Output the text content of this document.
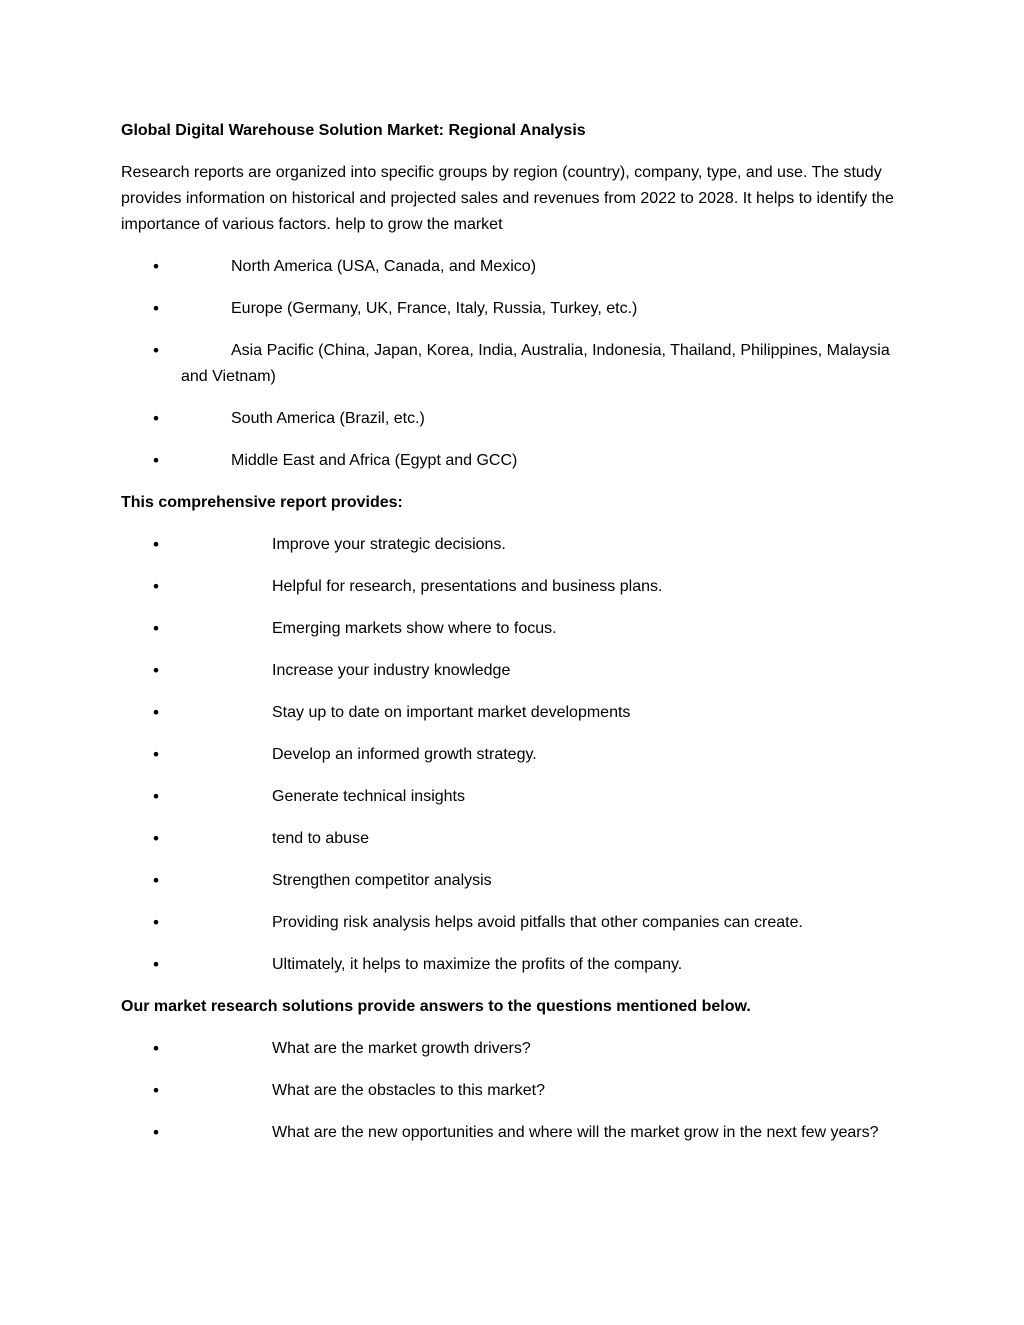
Global Digital Warehouse Solution Market: Regional Analysis
Research reports are organized into specific groups by region (country), company, type, and use. The study provides information on historical and projected sales and revenues from 2022 to 2028. It helps to identify the importance of various factors. help to grow the market
•	North America (USA, Canada, and Mexico)
•	Europe (Germany, UK, France, Italy, Russia, Turkey, etc.)
•	Asia Pacific (China, Japan, Korea, India, Australia, Indonesia, Thailand, Philippines, Malaysia and Vietnam)
•	South America (Brazil, etc.)
•	Middle East and Africa (Egypt and GCC)
This comprehensive report provides:
•	Improve your strategic decisions.
•	Helpful for research, presentations and business plans.
•	Emerging markets show where to focus.
•	Increase your industry knowledge
•	Stay up to date on important market developments
•	Develop an informed growth strategy.
•	Generate technical insights
•	tend to abuse
•	Strengthen competitor analysis
•	Providing risk analysis helps avoid pitfalls that other companies can create.
•	Ultimately, it helps to maximize the profits of the company.
Our market research solutions provide answers to the questions mentioned below.
•	What are the market growth drivers?
•	What are the obstacles to this market?
•	What are the new opportunities and where will the market grow in the next few years?
